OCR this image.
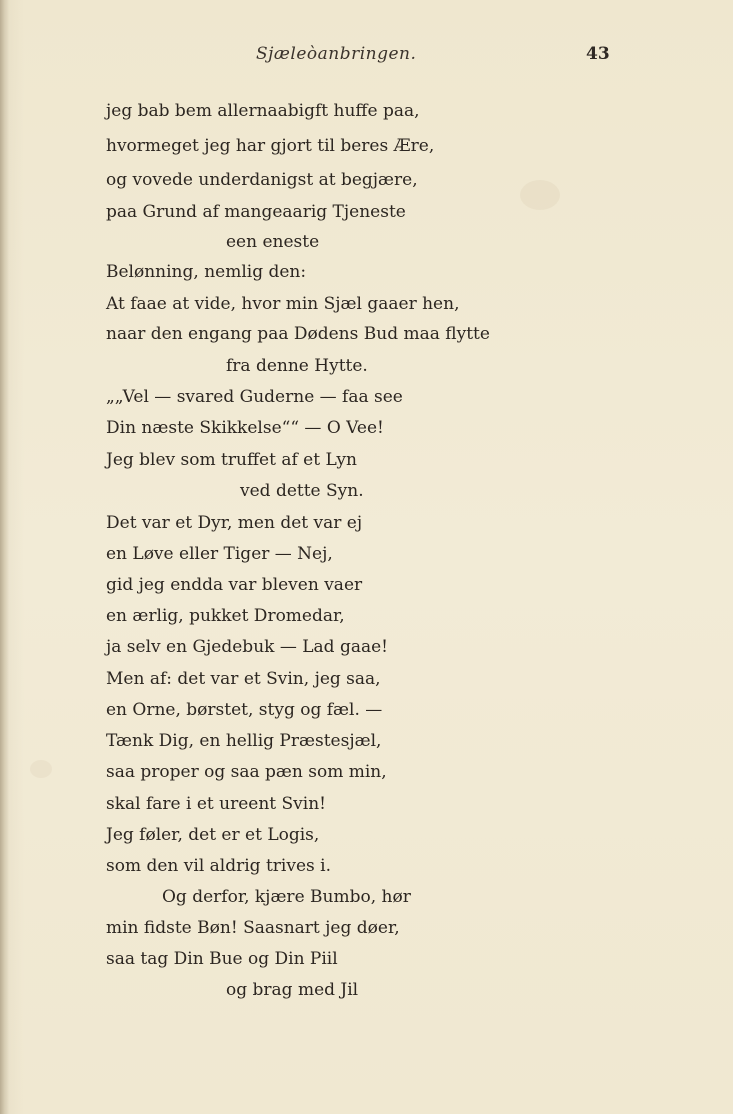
Sjæleòanbringen.	43
jeg bab bem allernaabigft huffe paa,
hvormeget jeg har gjort til beres Ære,
og vovede underdanigst at begjære,
paa Grund af mangeaarig Tjeneste
een eneste
Belønning, nemlig den:
At faae at vide, hvor min Sjæl gaaer hen,
naar den engang paa Dødens Bud maa flytte
fra denne Hytte.
„„Vel — svared Guderne — faa see
Din næste Skikkelse““ — O Vee!
Jeg blev som truffet af et Lyn
ved dette Syn.
Det var et Dyr, men det var ej
en Løve eller Tiger — Nej,
gid jeg endda var bleven vaer
en ærlig, pukket Dromedar,
ja selv en Gjedebuk — Lad gaae!
Men af: det var et Svin, jeg saa,
en Orne, børstet, styg og fæl. —
Tænk Dig, en hellig Præstesjæl,
saa proper og saa pæn som min,
skal fare i et ureent Svin!
Jeg føler, det er et Logis,
som den vil aldrig trives i.
Og derfor, kjære Bumbo, hør
min fidste Bøn! Saasnart jeg døer,
saa tag Din Bue og Din Piil
og brag med Jil
